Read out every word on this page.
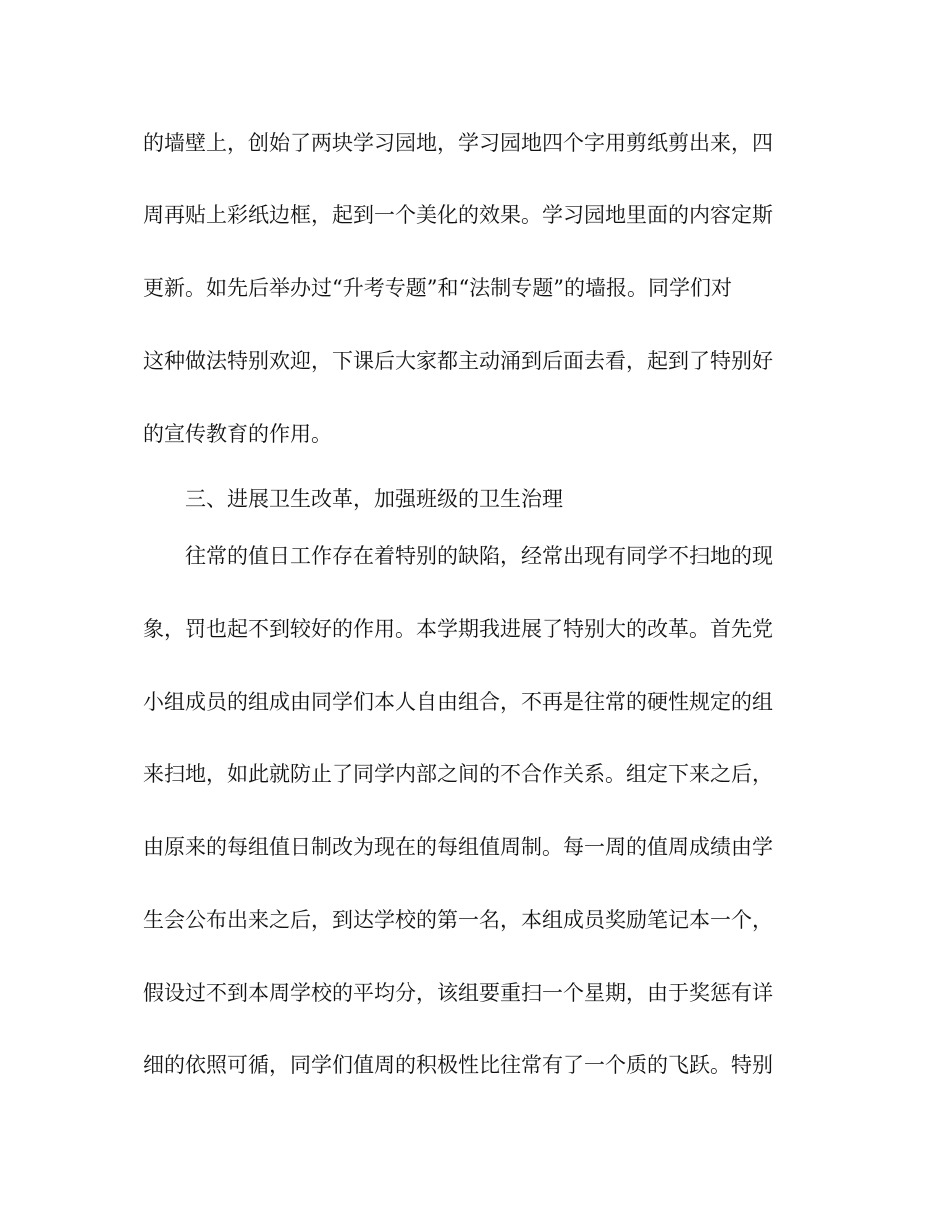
的墙壁上，创始了两块学习园地，学习园地四个字用剪纸剪出来，四
周再贴上彩纸边框，起到一个美化的效果。学习园地里面的内容定斯
更新。如先后举办过“升考专题”和“法制专题”的墙报。同学们对
这种做法特别欢迎，下课后大家都主动涌到后面去看，起到了特别好
的宣传教育的作用。
三、进展卫生改革，加强班级的卫生治理
往常的值日工作存在着特别的缺陷，经常出现有同学不扫地的现
象，罚也起不到较好的作用。本学期我进展了特别大的改革。首先党
小组成员的组成由同学们本人自由组合，不再是往常的硬性规定的组
来扫地，如此就防止了同学内部之间的不合作关系。组定下来之后，
由原来的每组值日制改为现在的每组值周制。每一周的值周成绩由学
生会公布出来之后，到达学校的第一名，本组成员奖励笔记本一个，
假设过不到本周学校的平均分，该组要重扫一个星期，由于奖惩有详
细的依照可循，同学们值周的积极性比往常有了一个质的飞跃。特别
